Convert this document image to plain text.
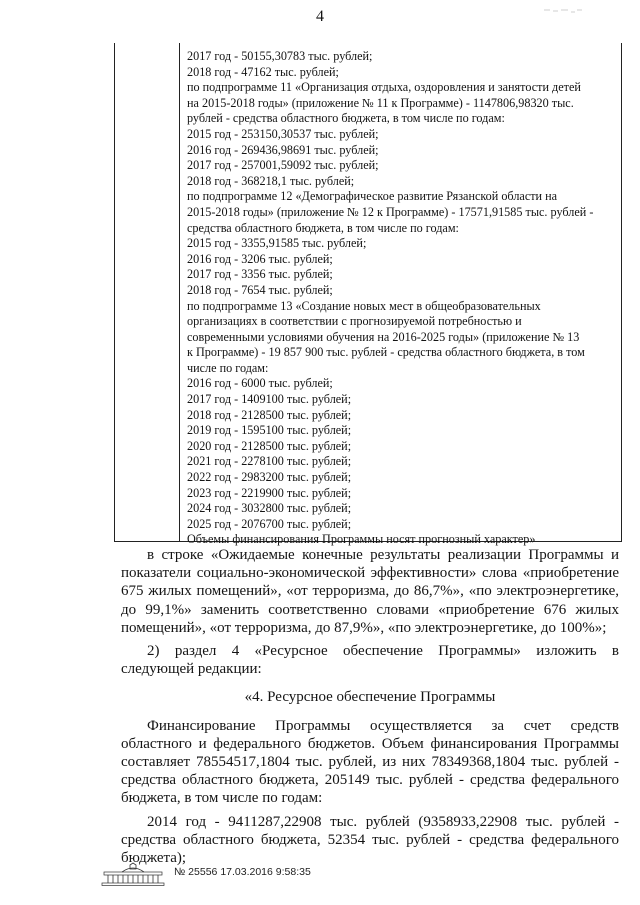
4
2017 год - 50155,30783 тыс. рублей;
2018 год - 47162 тыс. рублей;
по подпрограмме 11 «Организация отдыха, оздоровления и занятости детей
на 2015-2018 годы» (приложение № 11 к Программе) - 1147806,98320 тыс.
рублей - средства областного бюджета, в том числе по годам:
2015 год - 253150,30537 тыс. рублей;
2016 год - 269436,98691 тыс. рублей;
2017 год - 257001,59092 тыс. рублей;
2018 год - 368218,1 тыс. рублей;
по подпрограмме 12 «Демографическое развитие Рязанской области на
2015-2018 годы» (приложение № 12 к Программе) - 17571,91585 тыс. рублей -
средства областного бюджета, в том числе по годам:
2015 год - 3355,91585 тыс. рублей;
2016 год - 3206 тыс. рублей;
2017 год - 3356 тыс. рублей;
2018 год - 7654 тыс. рублей;
по подпрограмме 13 «Создание новых мест в общеобразовательных
организациях в соответствии с прогнозируемой потребностью и
современными условиями обучения на 2016-2025 годы» (приложение № 13
к Программе) - 19 857 900 тыс. рублей - средства областного бюджета, в том
числе по годам:
2016 год - 6000 тыс. рублей;
2017 год - 1409100 тыс. рублей;
2018 год - 2128500 тыс. рублей;
2019 год - 1595100 тыс. рублей;
2020 год - 2128500 тыс. рублей;
2021 год - 2278100 тыс. рублей;
2022 год - 2983200 тыс. рублей;
2023 год - 2219900 тыс. рублей;
2024 год - 3032800 тыс. рублей;
2025 год - 2076700 тыс. рублей;
Объемы финансирования Программы носят прогнозный характер»
в строке «Ожидаемые конечные результаты реализации Программы и
показатели социально-экономической эффективности» слова «приобретение
675 жилых помещений», «от терроризма, до 86,7%», «по электроэнергетике,
до 99,1%» заменить соответственно словами «приобретение 676 жилых
помещений», «от терроризма, до 87,9%», «по электроэнергетике, до 100%»;
2) раздел 4 «Ресурсное обеспечение Программы» изложить в
следующей редакции:
«4. Ресурсное обеспечение Программы
Финансирование Программы осуществляется за счет средств
областного и федерального бюджетов. Объем финансирования Программы
составляет 78554517,1804 тыс. рублей, из них 78349368,1804 тыс. рублей -
средства областного бюджета, 205149 тыс. рублей - средства федерального
бюджета, в том числе по годам:
2014 год - 9411287,22908 тыс. рублей (9358933,22908 тыс. рублей -
средства областного бюджета, 52354 тыс. рублей - средства федерального
бюджета);
№ 25556 17.03.2016 9:58:35
